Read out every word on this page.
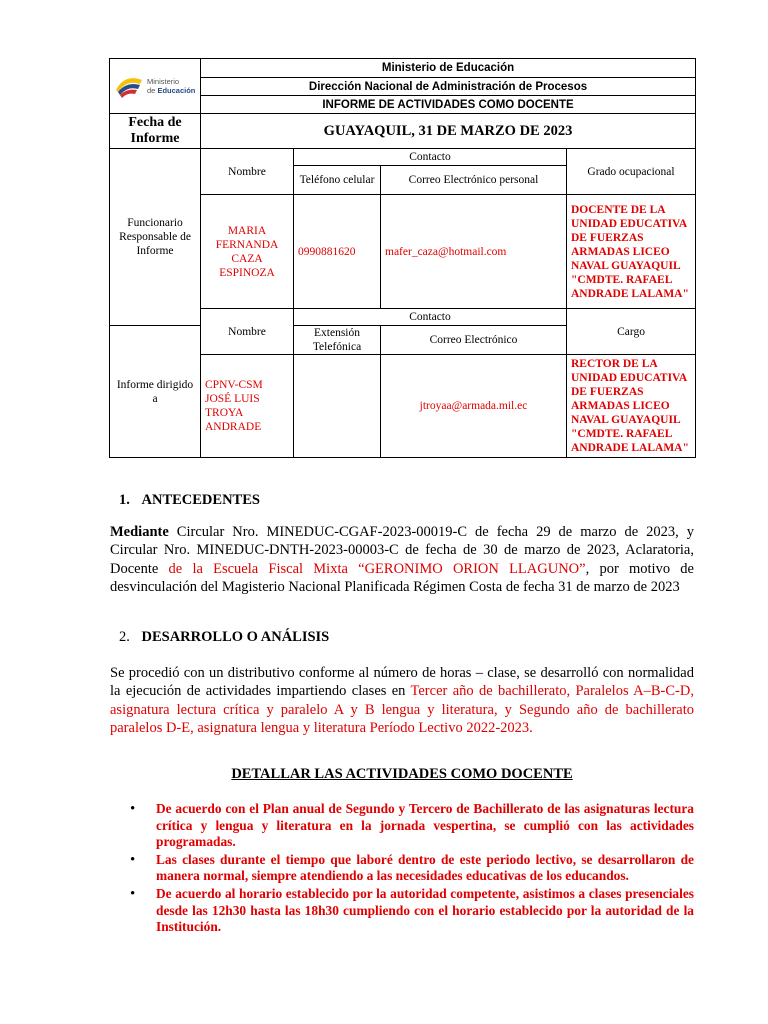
Ministerio
de Educación	Ministerio de Educación			
	Dirección Nacional de Administración de Procesos			
	INFORME DE ACTIVIDADES COMO DOCENTE			
Fecha de Informe	GUAYAQUIL, 31 DE MARZO DE 2023			
Funcionario Responsable de Informe	Nombre	Contacto		Grado ocupacional
		Teléfono celular	Correo Electrónico personal	
	MARIA FERNANDA CAZA ESPINOZA	0990881620	mafer_caza@hotmail.com	DOCENTE DE LA UNIDAD EDUCATIVA DE FUERZAS ARMADAS LICEO NAVAL GUAYAQUIL "CMDTE. RAFAEL ANDRADE LALAMA"
	Nombre	Contacto		Cargo
Informe dirigido a		Extensión Telefónica	Correo Electrónico	
	CPNV-CSM JOSÉ LUIS TROYA ANDRADE		jtroyaa@armada.mil.ec	RECTOR DE LA UNIDAD EDUCATIVA DE FUERZAS ARMADAS LICEO NAVAL GUAYAQUIL "CMDTE. RAFAEL ANDRADE LALAMA"
1. ANTECEDENTES
Mediante Circular Nro. MINEDUC-CGAF-2023-00019-C de fecha 29 de marzo de 2023, y Circular Nro. MINEDUC-DNTH-2023-00003-C de fecha de 30 de marzo de 2023, Aclaratoria, Docente de la Escuela Fiscal Mixta “GERONIMO ORION LLAGUNO”, por motivo de desvinculación del Magisterio Nacional Planificada Régimen Costa de fecha 31 de marzo de 2023
2. DESARROLLO O ANÁLISIS
Se procedió con un distributivo conforme al número de horas – clase, se desarrolló con normalidad la ejecución de actividades impartiendo clases en Tercer año de bachillerato, Paralelos A–B-C-D, asignatura lectura crítica y paralelo A y B lengua y literatura, y Segundo año de bachillerato paralelos D-E, asignatura lengua y literatura Período Lectivo 2022-2023.
DETALLAR LAS ACTIVIDADES COMO DOCENTE
• De acuerdo con el Plan anual de Segundo y Tercero de Bachillerato de las asignaturas lectura crítica y lengua y literatura en la jornada vespertina, se cumplió con las actividades programadas.
• Las clases durante el tiempo que laboré dentro de este periodo lectivo, se desarrollaron de manera normal, siempre atendiendo a las necesidades educativas de los educandos.
• De acuerdo al horario establecido por la autoridad competente, asistimos a clases presenciales desde las 12h30 hasta las 18h30 cumpliendo con el horario establecido por la autoridad de la Institución.
